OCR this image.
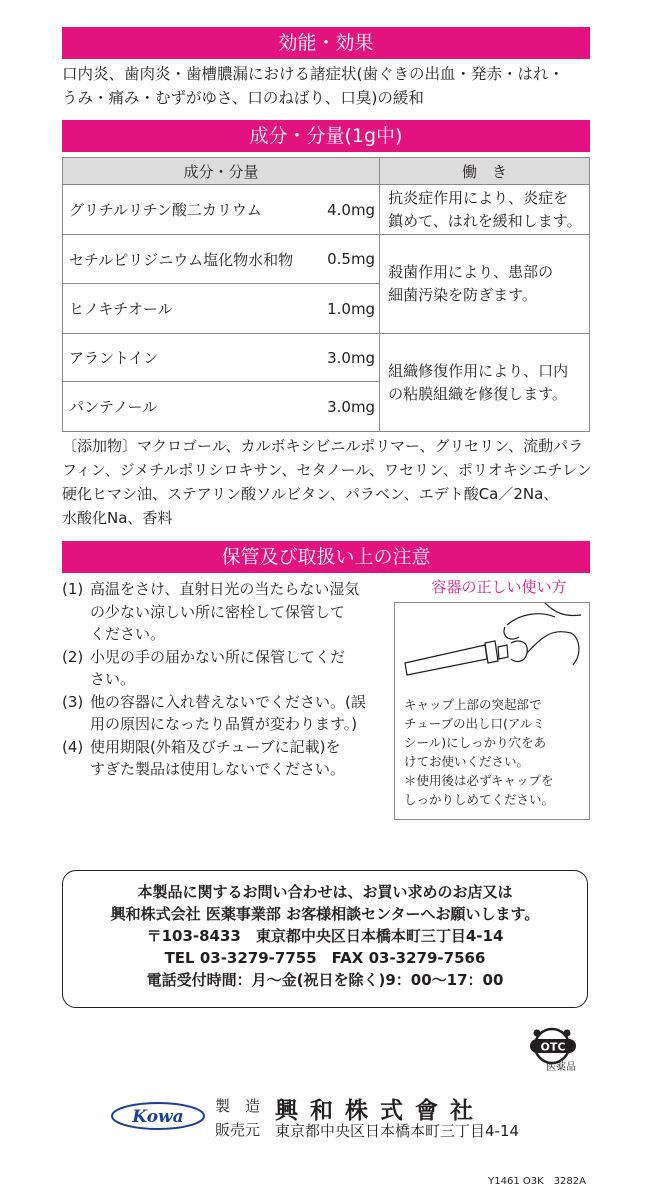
効能・効果
口内炎、歯肉炎・歯槽膿漏における諸症状(歯ぐきの出血・発赤・はれ・
うみ・痛み・むずがゆさ、口のねばり、口臭)の緩和
成分・分量(1g中)
成分・分量		働　き
グリチルリチン酸二カリウム	4.0mg	抗炎症作用により、炎症を
鎮めて、はれを緩和します。

セチルピリジニウム塩化物水和物	0.5mg	殺菌作用により、患部の
細菌汚染を防ぎます。

ヒノキチオール	1.0mg	
アラントイン	3.0mg	組織修復作用により、口内
の粘膜組織を修復します。

パンテノール	3.0mg	
〔添加物〕マクロゴール、カルボキシビニルポリマー、グリセリン、流動パラ
フィン、ジメチルポリシロキサン、セタノール、ワセリン、ポリオキシエチレン
硬化ヒマシ油、ステアリン酸ソルビタン、パラベン、エデト酸Ca／2Na、
水酸化Na、香料
保管及び取扱い上の注意
(1) 高温をさけ、直射日光の当たらない湿気
の少ない涼しい所に密栓して保管して
ください。
(2) 小児の手の届かない所に保管してくだ
さい。
(3) 他の容器に入れ替えないでください。(誤
用の原因になったり品質が変わります。)
(4) 使用期限(外箱及びチューブに記載)を
すぎた製品は使用しないでください。
容器の正しい使い方
キャップ上部の突起部で
チューブの出し口(アルミ
シール)にしっかり穴をあ
けてお使いください。
＊使用後は必ずキャップを
しっかりしめてください。
本製品に関するお問い合わせは、お買い求めのお店又は
興和株式会社 医薬事業部 お客様相談センターへお願いします。
〒103-8433　東京都中央区日本橋本町三丁目4-14
TEL 03-3279-7755　FAX 03-3279-7566
電話受付時間：月～金(祝日を除く)9：00～17：00
OTC
医薬品
Kowa
製　造
販売元
興和株式會社
東京都中央区日本橋本町三丁目4-14
Y1461 O3K　3282A
